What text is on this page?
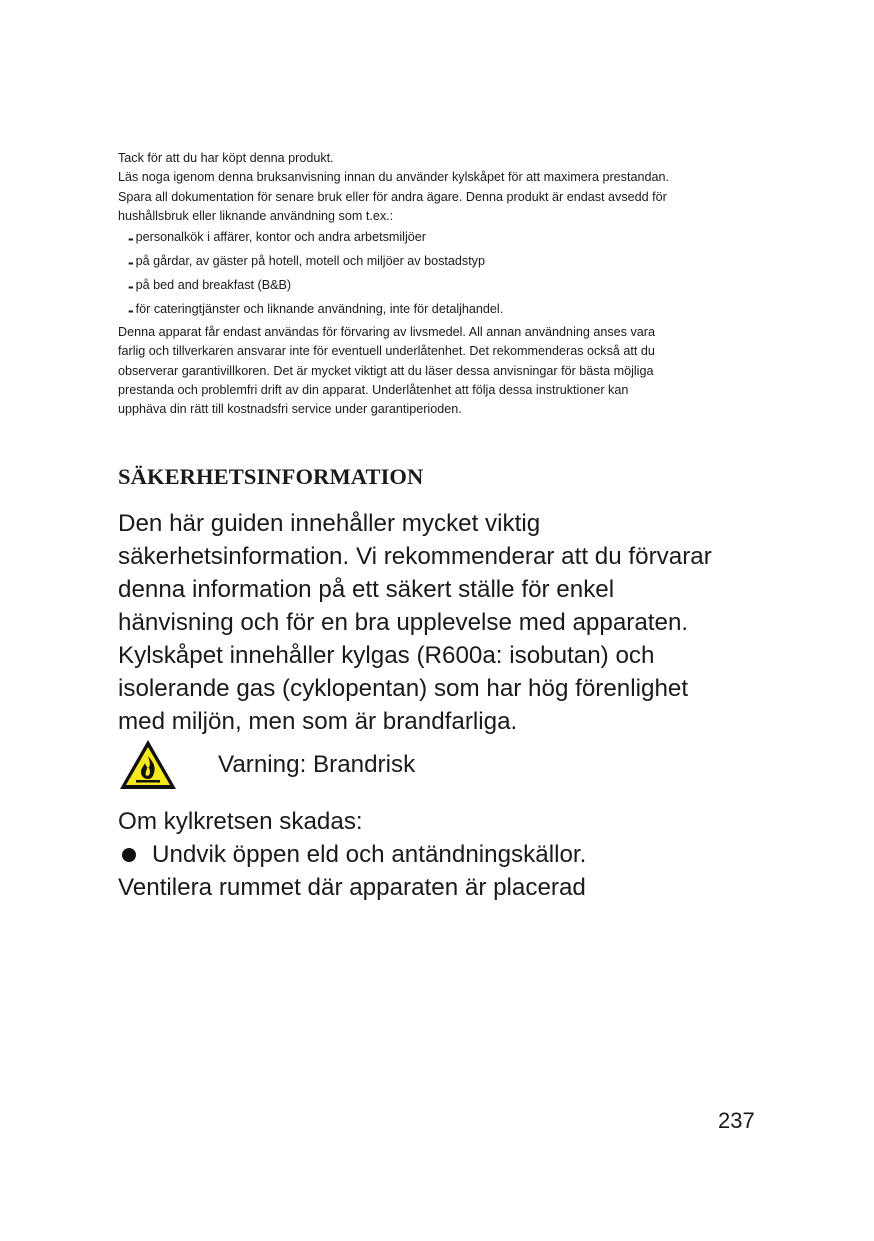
Tack för att du har köpt denna produkt.
Läs noga igenom denna bruksanvisning innan du använder kylskåpet för att maximera prestandan.
Spara all dokumentation för senare bruk eller för andra ägare. Denna produkt är endast avsedd för
hushållsbruk eller liknande användning som t.ex.:

- personalkök i affärer, kontor och andra arbetsmiljöer
- på gårdar, av gäster på hotell, motell och miljöer av bostadstyp
- på bed and breakfast (B&B)
- för cateringtjänster och liknande användning, inte för detaljhandel.

Denna apparat får endast användas för förvaring av livsmedel. All annan användning anses vara
farlig och tillverkaren ansvarar inte för eventuell underlåtenhet. Det rekommenderas också att du
observerar garantivillkoren. Det är mycket viktigt att du läser dessa anvisningar för bästa möjliga
prestanda och problemfri drift av din apparat. Underlåtenhet att följa dessa instruktioner kan
upphäva din rätt till kostnadsfri service under garantiperioden.

SÄKERHETSINFORMATION

Den här guiden innehåller mycket viktig
säkerhetsinformation. Vi rekommenderar att du förvarar
denna information på ett säkert ställe för enkel
hänvisning och för en bra upplevelse med apparaten.
Kylskåpet innehåller kylgas (R600a: isobutan) och
isolerande gas (cyklopentan) som har hög förenlighet
med miljön, men som är brandfarliga.

Varning: Brandrisk
Om kylkretsen skadas:
Undvik öppen eld och antändningskällor.
Ventilera rummet där apparaten är placerad
237
